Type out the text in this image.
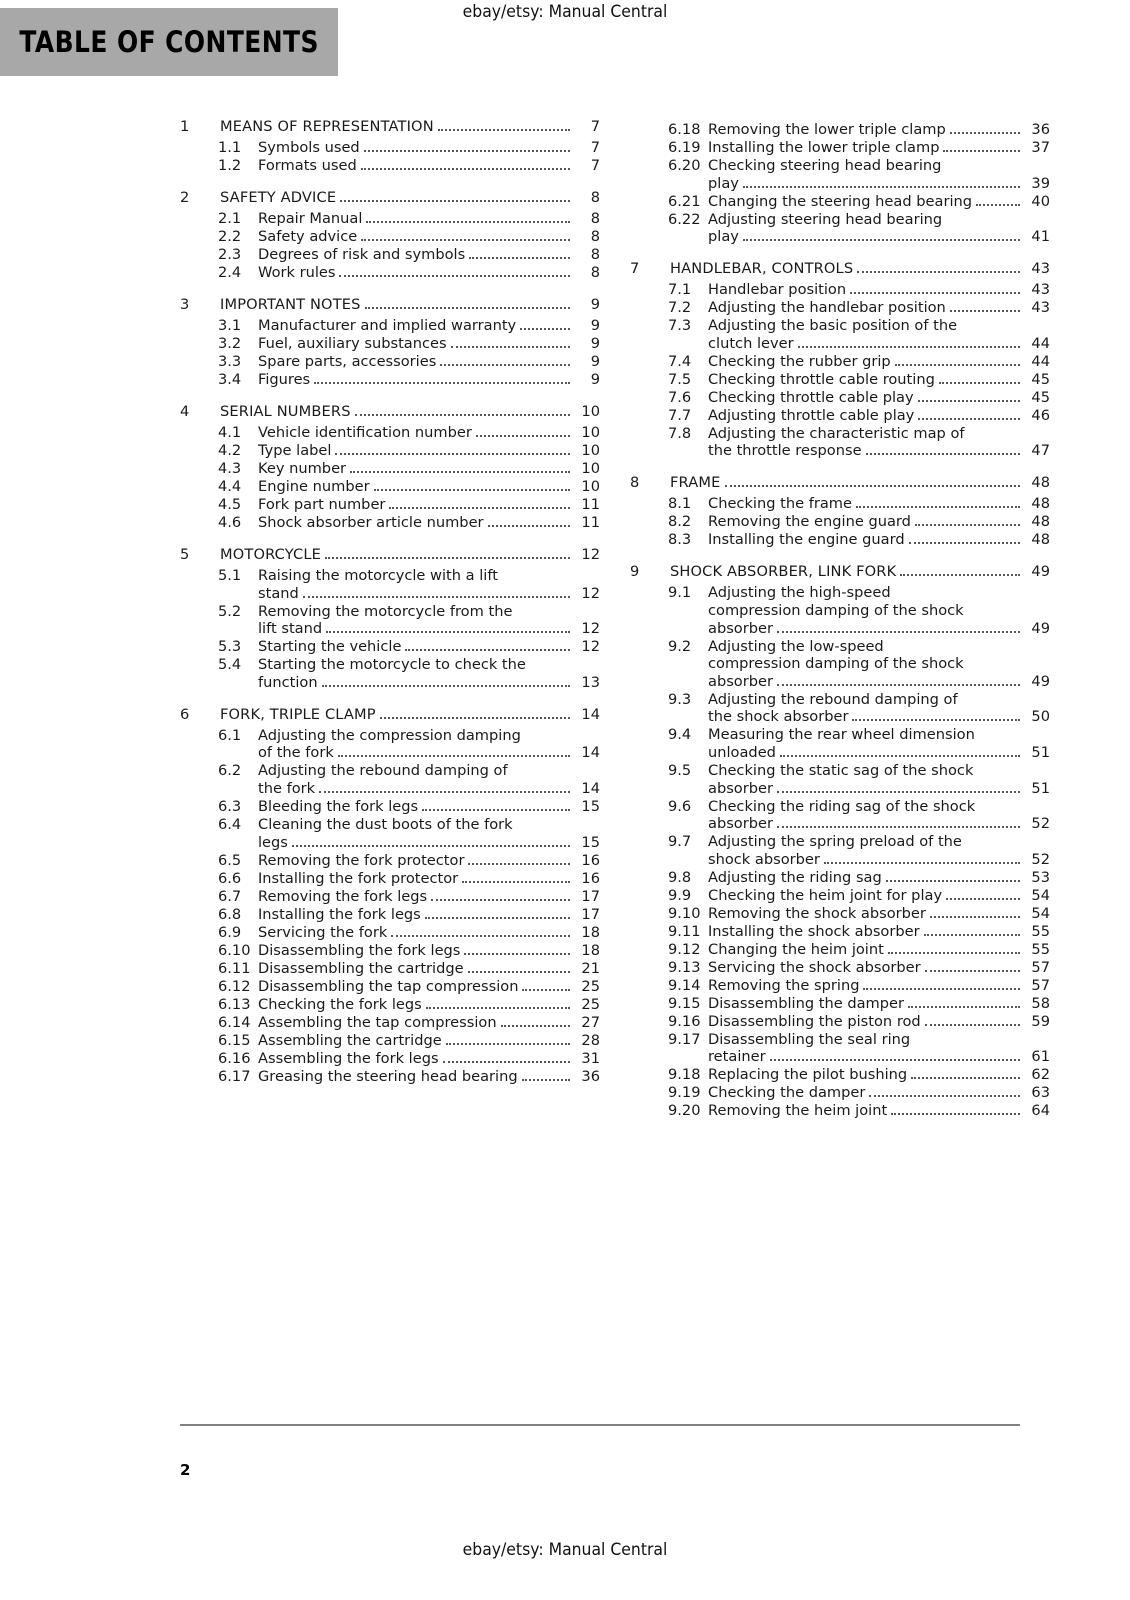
ebay/etsy: Manual Central
TABLE OF CONTENTS
1	MEANS OF REPRESENTATION	7
1.1	Symbols used	7
1.2	Formats used	7
2	SAFETY ADVICE	8
2.1	Repair Manual	8
2.2	Safety advice	8
2.3	Degrees of risk and symbols	8
2.4	Work rules	8
3	IMPORTANT NOTES	9
3.1	Manufacturer and implied warranty	9
3.2	Fuel, auxiliary substances	9
3.3	Spare parts, accessories	9
3.4	Figures	9
4	SERIAL NUMBERS	10
4.1	Vehicle identification number	10
4.2	Type label	10
4.3	Key number	10
4.4	Engine number	10
4.5	Fork part number	11
4.6	Shock absorber article number	11
5	MOTORCYCLE	12
5.1	Raising the motorcycle with a lift
stand	12
5.2	Removing the motorcycle from the
lift stand	12
5.3	Starting the vehicle	12
5.4	Starting the motorcycle to check the
function	13
6	FORK, TRIPLE CLAMP	14
6.1	Adjusting the compression damping
of the fork	14
6.2	Adjusting the rebound damping of
the fork	14
6.3	Bleeding the fork legs	15
6.4	Cleaning the dust boots of the fork
legs	15
6.5	Removing the fork protector	16
6.6	Installing the fork protector	16
6.7	Removing the fork legs	17
6.8	Installing the fork legs	17
6.9	Servicing the fork	18
6.10 Disassembling the fork legs	18
6.11 Disassembling the cartridge	21
6.12 Disassembling the tap compression	25
6.13 Checking the fork legs	25
6.14 Assembling the tap compression	27
6.15 Assembling the cartridge	28
6.16 Assembling the fork legs	31
6.17 Greasing the steering head bearing	36
6.18 Removing the lower triple clamp	36
6.19 Installing the lower triple clamp	37
6.20 Checking steering head bearing
play	39
6.21 Changing the steering head bearing	40
6.22 Adjusting steering head bearing
play	41
7	HANDLEBAR, CONTROLS	43
7.1	Handlebar position	43
7.2	Adjusting the handlebar position	43
7.3	Adjusting the basic position of the
clutch lever	44
7.4	Checking the rubber grip	44
7.5	Checking throttle cable routing	45
7.6	Checking throttle cable play	45
7.7	Adjusting throttle cable play	46
7.8	Adjusting the characteristic map of
the throttle response	47
8	FRAME	48
8.1	Checking the frame	48
8.2	Removing the engine guard	48
8.3	Installing the engine guard	48
9	SHOCK ABSORBER, LINK FORK	49
9.1	Adjusting the high-speed
compression damping of the shock
absorber	49
9.2	Adjusting the low-speed
compression damping of the shock
absorber	49
9.3	Adjusting the rebound damping of
the shock absorber	50
9.4	Measuring the rear wheel dimension
unloaded	51
9.5	Checking the static sag of the shock
absorber	51
9.6	Checking the riding sag of the shock
absorber	52
9.7	Adjusting the spring preload of the
shock absorber	52
9.8	Adjusting the riding sag	53
9.9	Checking the heim joint for play	54
9.10 Removing the shock absorber	54
9.11 Installing the shock absorber	55
9.12 Changing the heim joint	55
9.13 Servicing the shock absorber	57
9.14 Removing the spring	57
9.15 Disassembling the damper	58
9.16 Disassembling the piston rod	59
9.17 Disassembling the seal ring
retainer	61
9.18 Replacing the pilot bushing	62
9.19 Checking the damper	63
9.20 Removing the heim joint	64
2
ebay/etsy: Manual Central
